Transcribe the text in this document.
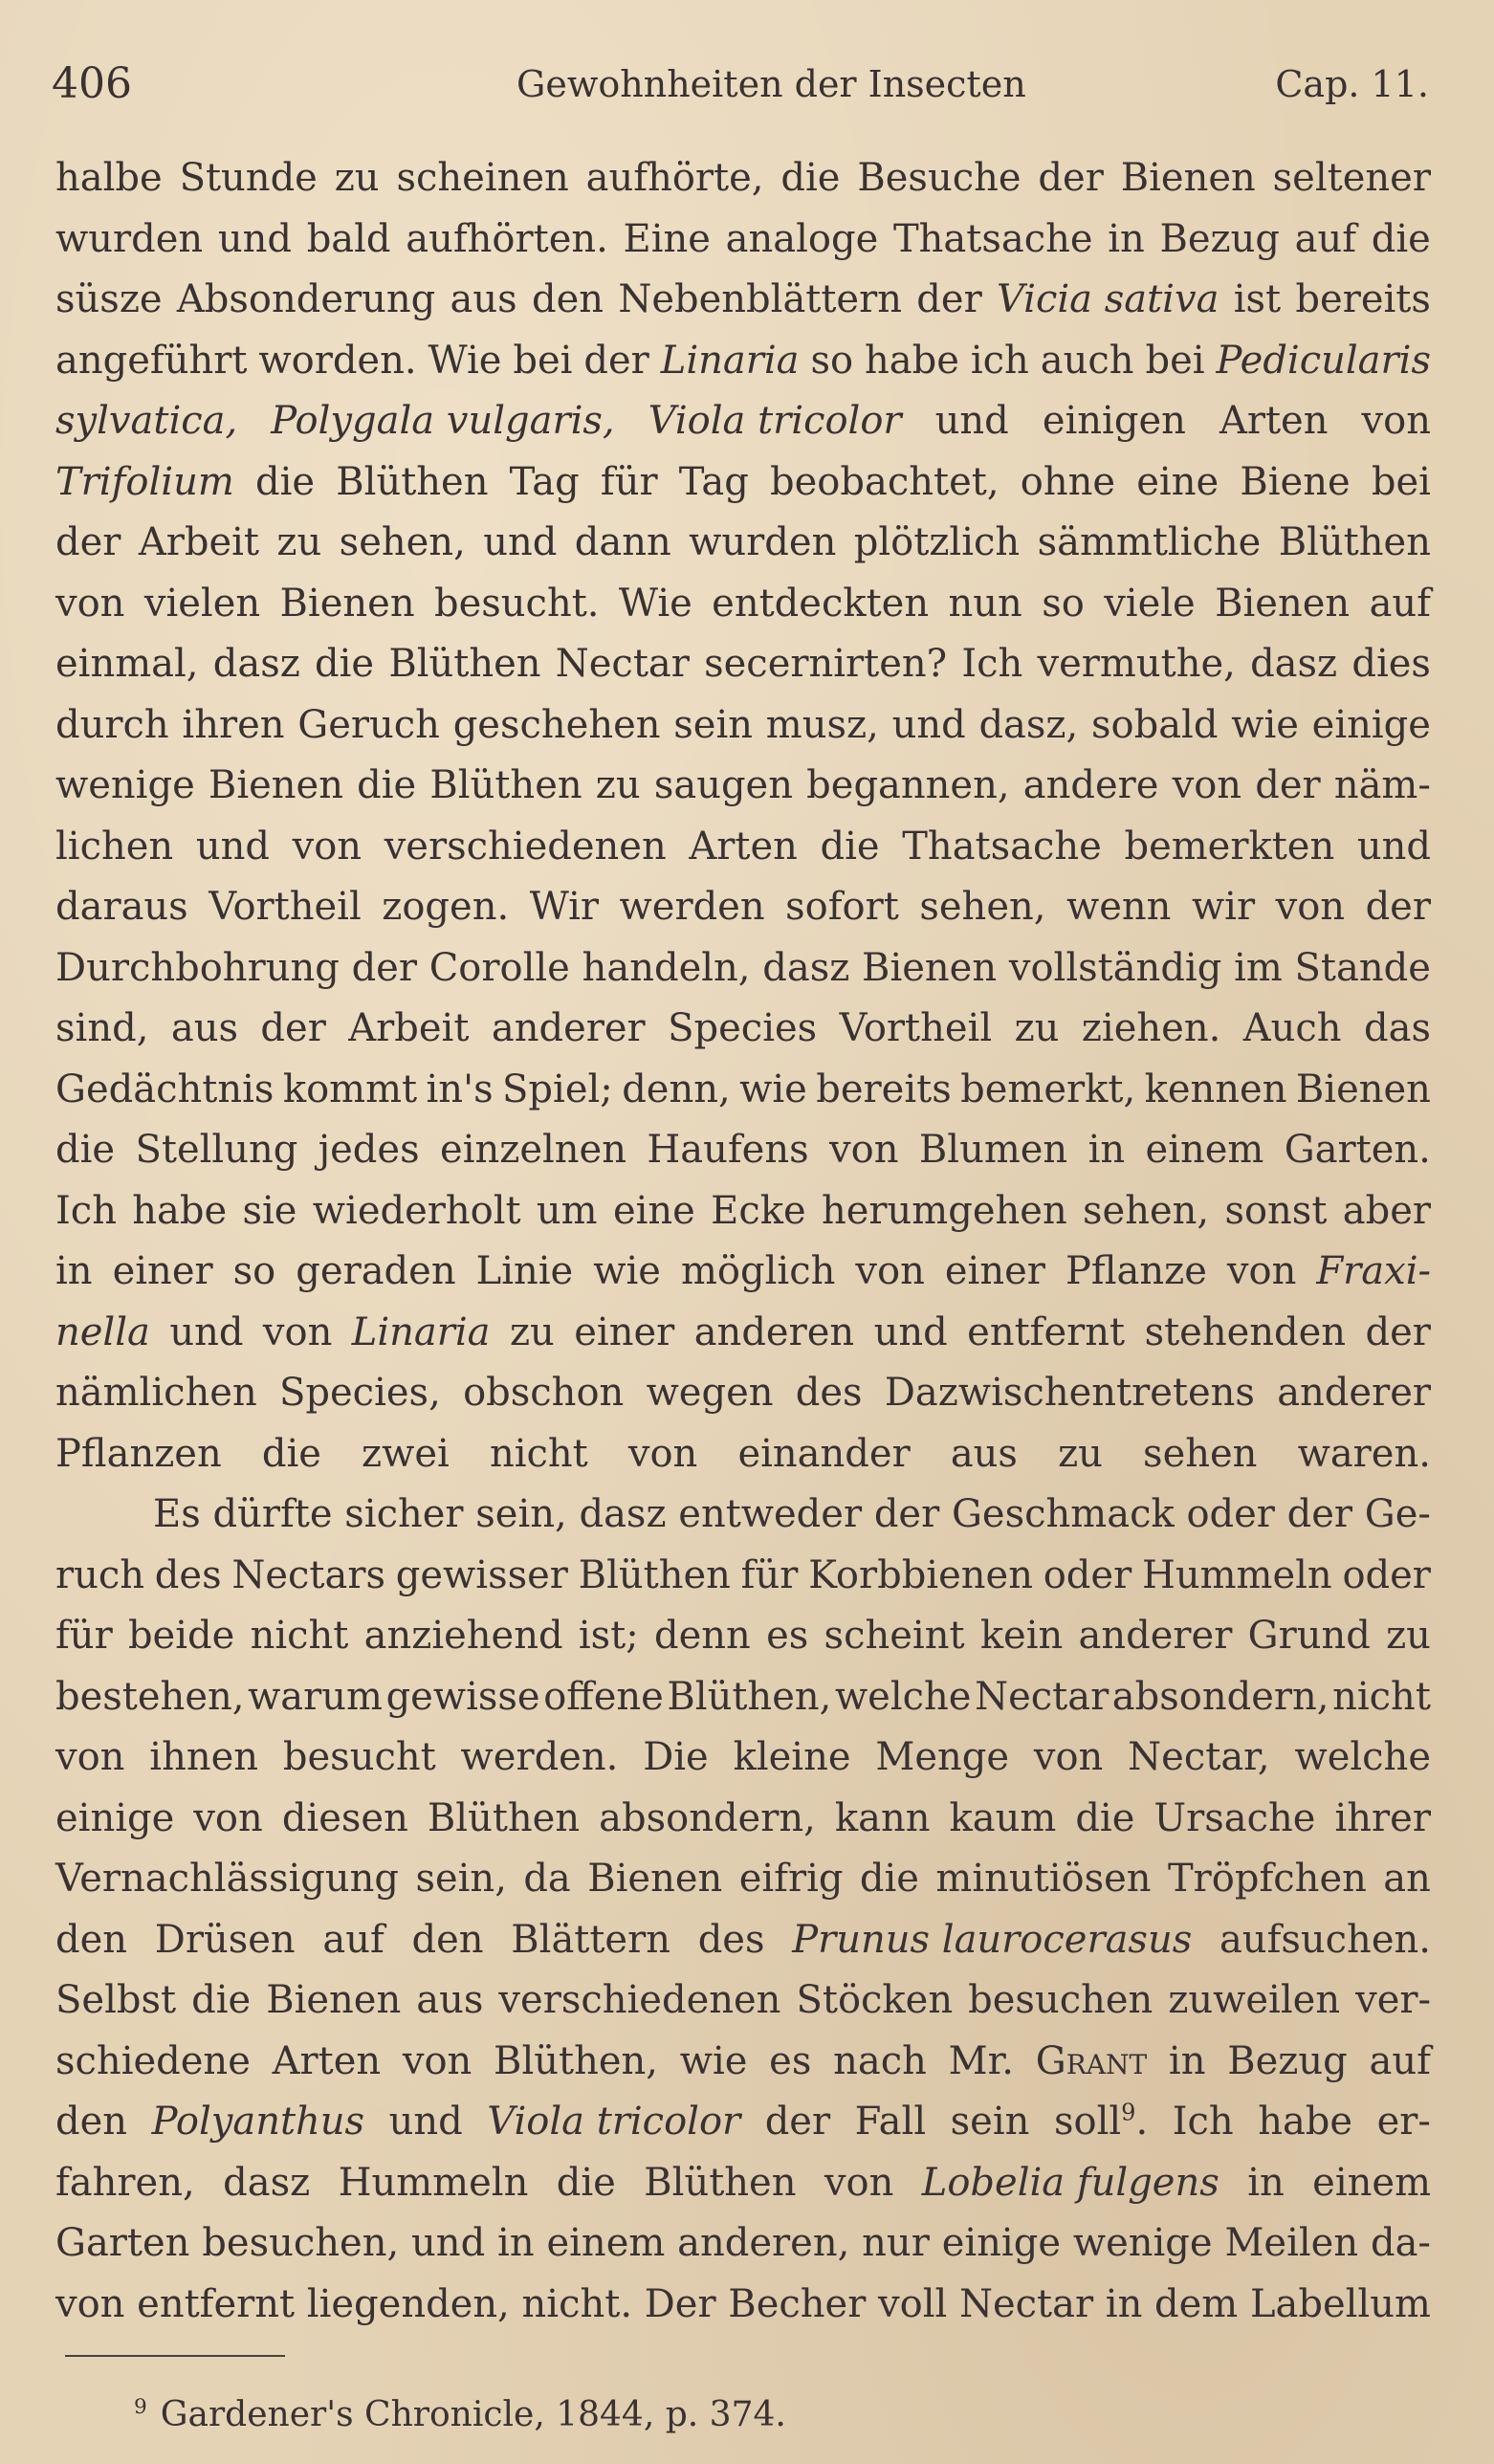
406	Gewohnheiten der Insecten	Cap. 11.
halbe Stunde zu scheinen aufhörte, die Besuche der Bienen seltener
wurden und bald aufhörten. Eine analoge Thatsache in Bezug auf die
süsze Absonderung aus den Nebenblättern der Vicia sativa ist bereits
angeführt worden. Wie bei der Linaria so habe ich auch bei Pedicularis
sylvatica, Polygala vulgaris, Viola tricolor und einigen Arten von
Trifolium die Blüthen Tag für Tag beobachtet, ohne eine Biene bei
der Arbeit zu sehen, und dann wurden plötzlich sämmtliche Blüthen
von vielen Bienen besucht. Wie entdeckten nun so viele Bienen auf
einmal, dasz die Blüthen Nectar secernirten? Ich vermuthe, dasz dies
durch ihren Geruch geschehen sein musz, und dasz, sobald wie einige
wenige Bienen die Blüthen zu saugen begannen, andere von der näm-
lichen und von verschiedenen Arten die Thatsache bemerkten und
daraus Vortheil zogen. Wir werden sofort sehen, wenn wir von der
Durchbohrung der Corolle handeln, dasz Bienen vollständig im Stande
sind, aus der Arbeit anderer Species Vortheil zu ziehen. Auch das
Gedächtnis kommt in's Spiel; denn, wie bereits bemerkt, kennen Bienen
die Stellung jedes einzelnen Haufens von Blumen in einem Garten.
Ich habe sie wiederholt um eine Ecke herumgehen sehen, sonst aber
in einer so geraden Linie wie möglich von einer Pflanze von Fraxi-
nella und von Linaria zu einer anderen und entfernt stehenden der
nämlichen Species, obschon wegen des Dazwischentretens anderer
Pflanzen die zwei nicht von einander aus zu sehen waren.
Es dürfte sicher sein, dasz entweder der Geschmack oder der Ge-
ruch des Nectars gewisser Blüthen für Korbbienen oder Hummeln oder
für beide nicht anziehend ist; denn es scheint kein anderer Grund zu
bestehen, warum gewisse offene Blüthen, welche Nectar absondern, nicht
von ihnen besucht werden. Die kleine Menge von Nectar, welche
einige von diesen Blüthen absondern, kann kaum die Ursache ihrer
Vernachlässigung sein, da Bienen eifrig die minutiösen Tröpfchen an
den Drüsen auf den Blättern des Prunus laurocerasus aufsuchen.
Selbst die Bienen aus verschiedenen Stöcken besuchen zuweilen ver-
schiedene Arten von Blüthen, wie es nach Mr. Grant in Bezug auf
den Polyanthus und Viola tricolor der Fall sein soll$^9$. Ich habe er-
fahren, dasz Hummeln die Blüthen von Lobelia fulgens in einem
Garten besuchen, und in einem anderen, nur einige wenige Meilen da-
von entfernt liegenden, nicht. Der Becher voll Nectar in dem Labellum
$^9$ Gardener's Chronicle, 1844, p. 374.
